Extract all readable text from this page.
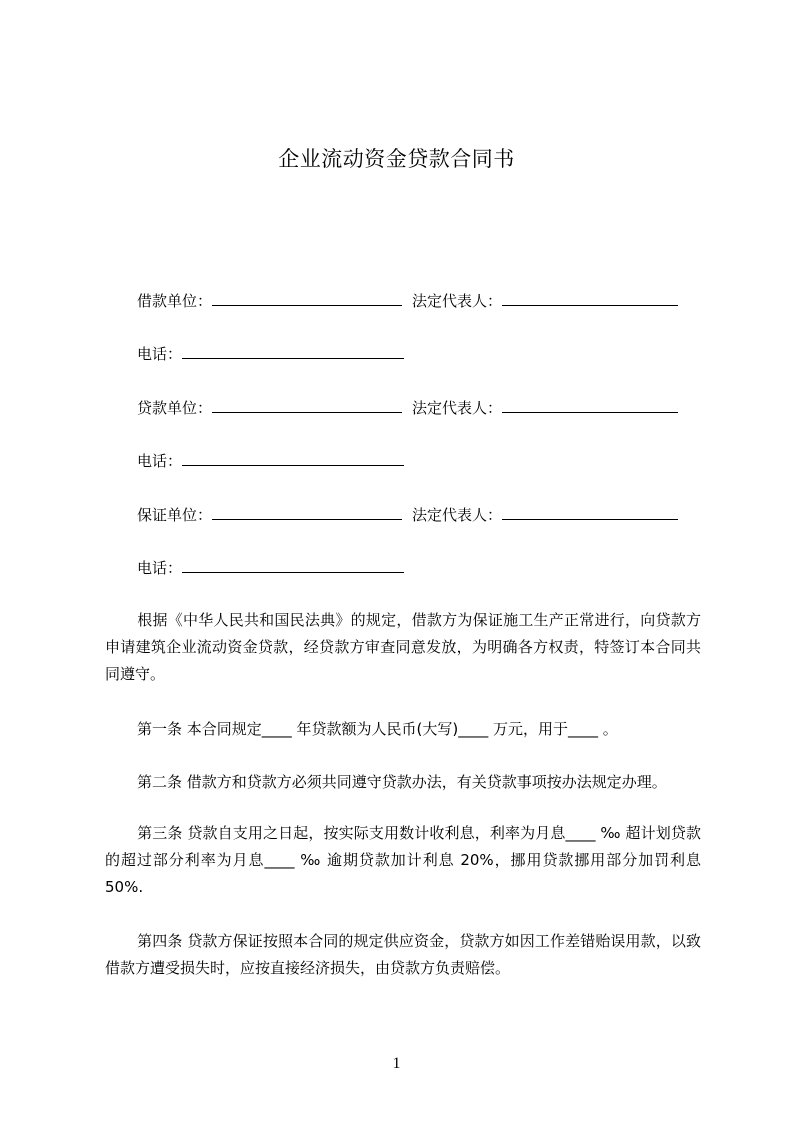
企业流动资金贷款合同书
借款单位：	法定代表人：
电话：
贷款单位：	法定代表人：
电话：
保证单位：	法定代表人：
电话：
根据《中华人民共和国民法典》的规定，借款方为保证施工生产正常进行，向贷款方申请建筑企业流动资金贷款，经贷款方审查同意发放，为明确各方权责，特签订本合同共同遵守。
第一条 本合同规定____ 年贷款额为人民币(大写)____ 万元，用于____ 。
第二条 借款方和贷款方必须共同遵守贷款办法，有关贷款事项按办法规定办理。
第三条 贷款自支用之日起，按实际支用数计收利息，利率为月息____ ‰ 超计划贷款的超过部分利率为月息____ ‰ 逾期贷款加计利息 20%，挪用贷款挪用部分加罚利息 50%.
第四条 贷款方保证按照本合同的规定供应资金，贷款方如因工作差错贻误用款，以致借款方遭受损失时，应按直接经济损失，由贷款方负责赔偿。
1
